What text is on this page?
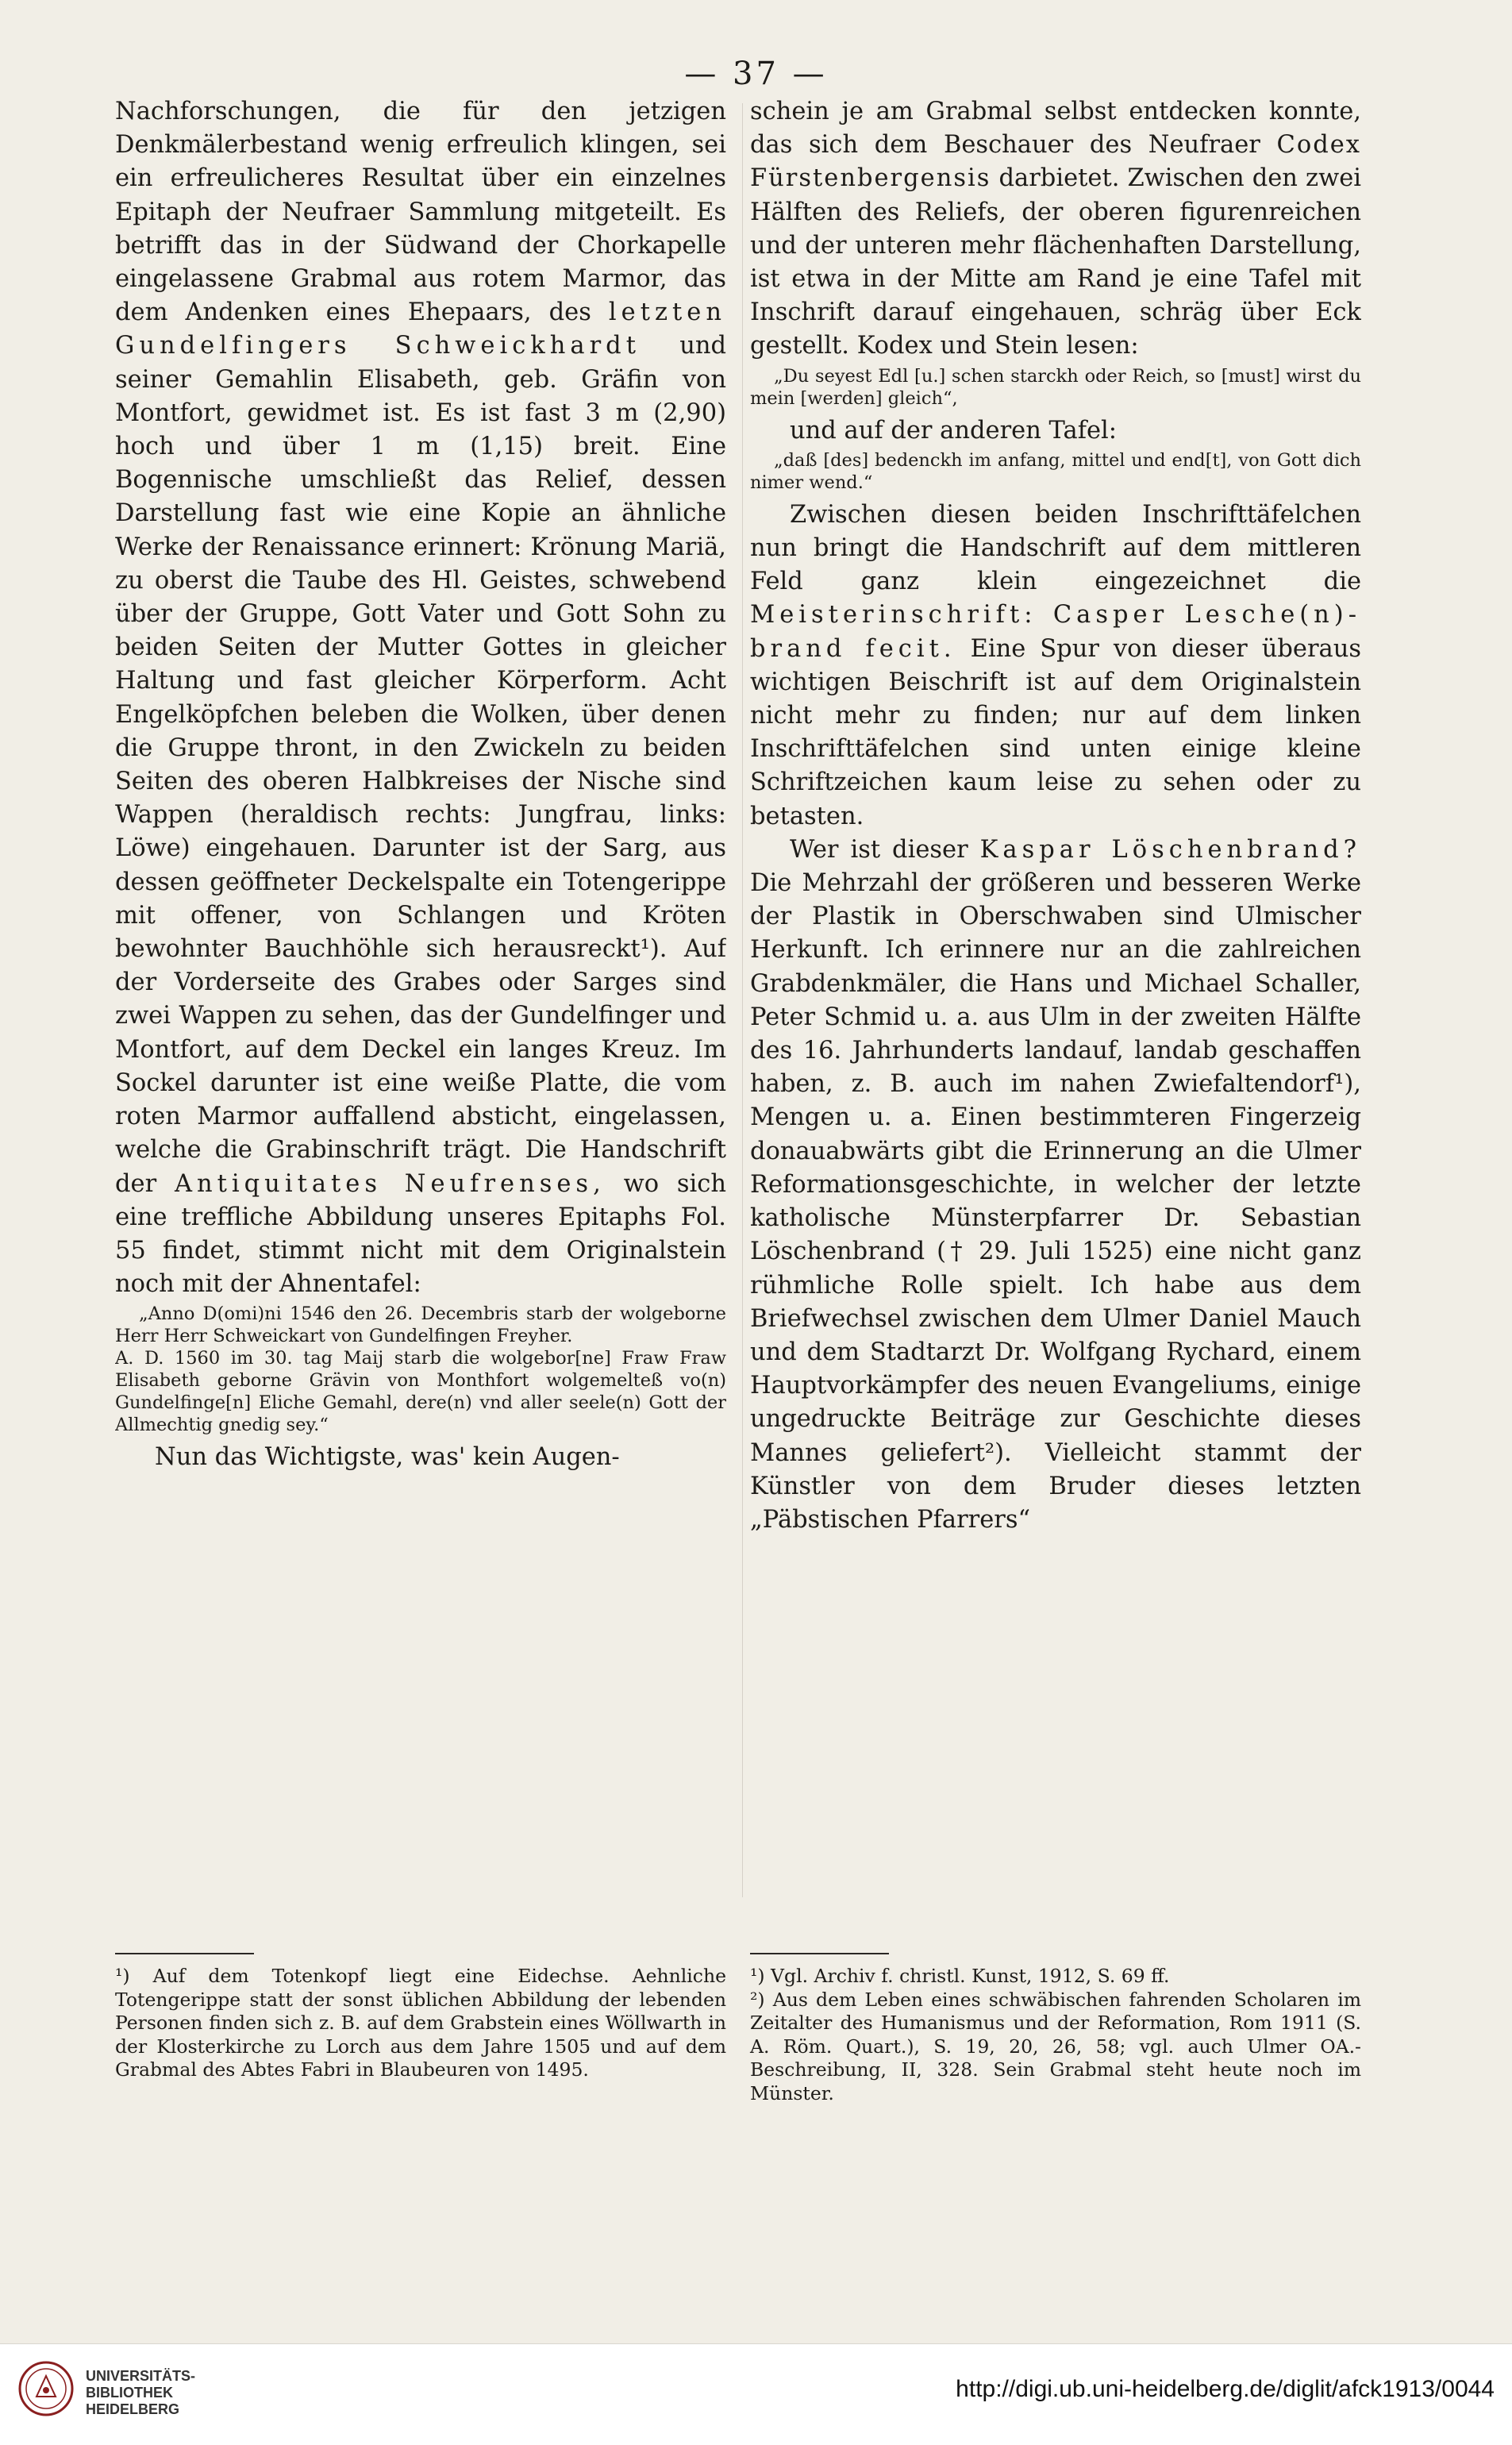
— 37 —

Nachforschungen, die für den jetzigen Denkmälerbestand wenig erfreulich klingen, sei ein erfreulicheres Resultat über ein einzelnes Epitaph der Neufraer Sammlung mitgeteilt. Es betrifft das in der Südwand der Chorkapelle eingelassene Grabmal aus rotem Marmor, das dem Andenken eines Ehepaars, des letzten Gundelfingers Schweickhardt und seiner Gemahlin Elisabeth, geb. Gräfin von Montfort, gewidmet ist. Es ist fast 3 m (2,90) hoch und über 1 m (1,15) breit. Eine Bogennische umschließt das Relief, dessen Darstellung fast wie eine Kopie an ähnliche Werke der Renaissance erinnert: Krönung Mariä, zu oberst die Taube des Hl. Geistes, schwebend über der Gruppe, Gott Vater und Gott Sohn zu beiden Seiten der Mutter Gottes in gleicher Haltung und fast gleicher Körperform. Acht Engelköpfchen beleben die Wolken, über denen die Gruppe thront, in den Zwickeln zu beiden Seiten des oberen Halbkreises der Nische sind Wappen (heraldisch rechts: Jungfrau, links: Löwe) eingehauen. Darunter ist der Sarg, aus dessen geöffneter Deckelspalte ein Totengerippe mit offener, von Schlangen und Kröten bewohnter Bauchhöhle sich herausreckt¹). Auf der Vorderseite des Grabes oder Sarges sind zwei Wappen zu sehen, das der Gundelfinger und Montfort, auf dem Deckel ein langes Kreuz. Im Sockel darunter ist eine weiße Platte, die vom roten Marmor auffallend absticht, eingelassen, welche die Grabinschrift trägt. Die Handschrift der Antiquitates Neufrenses, wo sich eine treffliche Abbildung unseres Epitaphs Fol. 55 findet, stimmt nicht mit dem Originalstein noch mit der Ahnentafel:

„Anno D(omi)ni 1546 den 26. Decembris starb der wolgeborne Herr Herr Schweickart von Gundelfingen Freyher.

A. D. 1560 im 30. tag Maij starb die wolgebor[ne] Fraw Fraw Elisabeth geborne Grävin von Monthfort wolgemelteß vo(n) Gundelfinge[n] Eliche Gemahl, dere(n) vnd aller seele(n) Gott der Allmechtig gnedig sey.“

Nun das Wichtigste, was' kein Augen-

¹) Auf dem Totenkopf liegt eine Eidechse. Aehnliche Totengerippe statt der sonst üblichen Abbildung der lebenden Personen finden sich z. B. auf dem Grabstein eines Wöllwarth in der Klosterkirche zu Lorch aus dem Jahre 1505 und auf dem Grabmal des Abtes Fabri in Blaubeuren von 1495.

schein je am Grabmal selbst entdecken konnte, das sich dem Beschauer des Neufraer Codex Fürstenbergensis darbietet. Zwischen den zwei Hälften des Reliefs, der oberen figurenreichen und der unteren mehr flächenhaften Darstellung, ist etwa in der Mitte am Rand je eine Tafel mit Inschrift darauf eingehauen, schräg über Eck gestellt. Kodex und Stein lesen:

„Du seyest Edl [u.] schen starckh oder Reich, so [must] wirst du mein [werden] gleich“,

und auf der anderen Tafel:

„daß [des] bedenckh im anfang, mittel und end[t], von Gott dich nimer wend.“

Zwischen diesen beiden Inschrifttäfelchen nun bringt die Handschrift auf dem mittleren Feld ganz klein eingezeichnet die Meisterinschrift: Casper Lesche(n)-brand fecit. Eine Spur von dieser überaus wichtigen Beischrift ist auf dem Originalstein nicht mehr zu finden; nur auf dem linken Inschrifttäfelchen sind unten einige kleine Schriftzeichen kaum leise zu sehen oder zu betasten.

Wer ist dieser Kaspar Löschenbrand? Die Mehrzahl der größeren und besseren Werke der Plastik in Oberschwaben sind Ulmischer Herkunft. Ich erinnere nur an die zahlreichen Grabdenkmäler, die Hans und Michael Schaller, Peter Schmid u. a. aus Ulm in der zweiten Hälfte des 16. Jahrhunderts landauf, landab geschaffen haben, z. B. auch im nahen Zwiefaltendorf¹), Mengen u. a. Einen bestimmteren Fingerzeig donauabwärts gibt die Erinnerung an die Ulmer Reformationsgeschichte, in welcher der letzte katholische Münsterpfarrer Dr. Sebastian Löschenbrand († 29. Juli 1525) eine nicht ganz rühmliche Rolle spielt. Ich habe aus dem Briefwechsel zwischen dem Ulmer Daniel Mauch und dem Stadtarzt Dr. Wolfgang Rychard, einem Hauptvorkämpfer des neuen Evangeliums, einige ungedruckte Beiträge zur Geschichte dieses Mannes geliefert²). Vielleicht stammt der Künstler von dem Bruder dieses letzten „Päbstischen Pfarrers“

¹) Vgl. Archiv f. christl. Kunst, 1912, S. 69 ff.

²) Aus dem Leben eines schwäbischen fahrenden Scholaren im Zeitalter des Humanismus und der Reformation, Rom 1911 (S. A. Röm. Quart.), S. 19, 20, 26, 58; vgl. auch Ulmer OA.-Beschreibung, II, 328. Sein Grabmal steht heute noch im Münster.

UNIVERSITÄTS-
BIBLIOTHEK
HEIDELBERG
http://digi.ub.uni-heidelberg.de/diglit/afck1913/0044
